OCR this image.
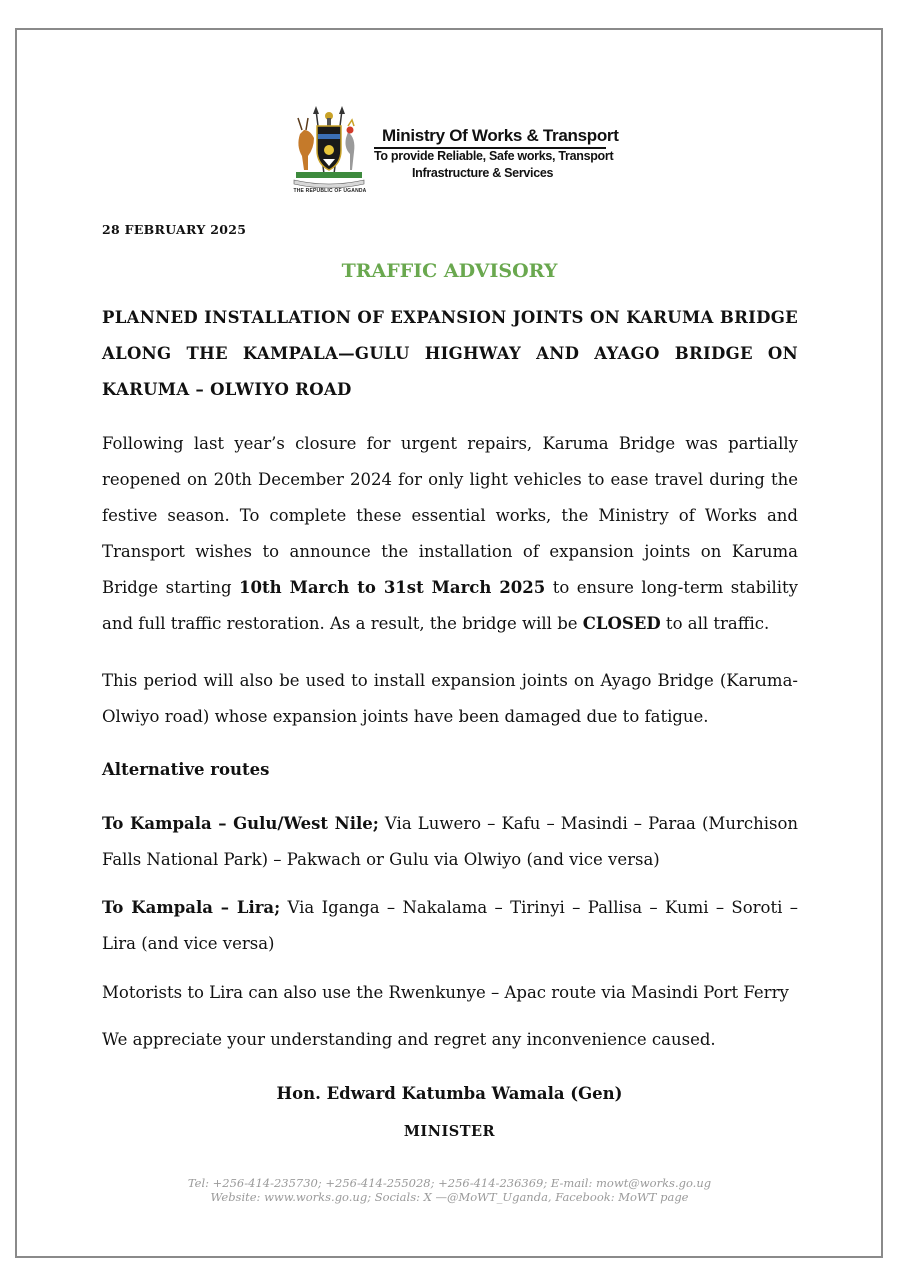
THE REPUBLIC OF UGANDA
Ministry Of Works & Transport
To provide Reliable, Safe works, Transport
Infrastructure & Services
28 FEBRUARY 2025
TRAFFIC ADVISORY
PLANNED INSTALLATION OF EXPANSION JOINTS ON KARUMA BRIDGE ALONG THE KAMPALA—GULU HIGHWAY AND AYAGO BRIDGE ON KARUMA – OLWIYO ROAD
Following last year’s closure for urgent repairs, Karuma Bridge was partially reopened on 20th December 2024 for only light vehicles to ease travel during the festive season. To complete these essential works, the Ministry of Works and Transport wishes to announce the installation of expansion joints on Karuma Bridge starting 10th March to 31st March 2025 to ensure long-term stability and full traffic restoration. As a result, the bridge will be CLOSED to all traffic.
This period will also be used to install expansion joints on Ayago Bridge (Karuma-Olwiyo road) whose expansion joints have been damaged due to fatigue.
Alternative routes
To Kampala – Gulu/West Nile; Via Luwero – Kafu – Masindi – Paraa (Murchison Falls National Park) – Pakwach or Gulu via Olwiyo (and vice versa)
To Kampala – Lira; Via Iganga – Nakalama – Tirinyi – Pallisa – Kumi – Soroti – Lira (and vice versa)
Motorists to Lira can also use the Rwenkunye – Apac route via Masindi Port Ferry
We appreciate your understanding and regret any inconvenience caused.
Hon. Edward Katumba Wamala (Gen)
MINISTER
Tel: +256-414-235730; +256-414-255028; +256-414-236369; E-mail: mowt@works.go.ug
Website: www.works.go.ug; Socials: X —@MoWT_Uganda, Facebook: MoWT page
